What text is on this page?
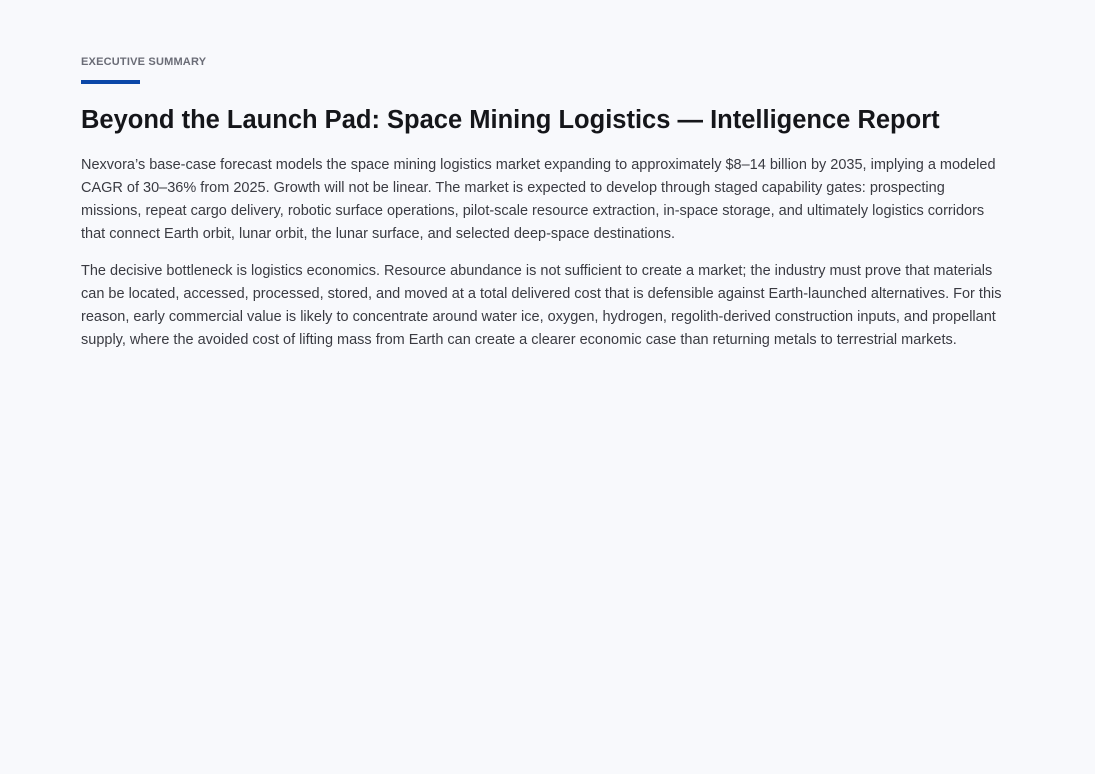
EXECUTIVE SUMMARY

Beyond the Launch Pad: Space Mining Logistics — Intelligence Report

Nexvora’s base-case forecast models the space mining logistics market expanding to approximately $8–14 billion by 2035, implying a modeled CAGR of 30–36% from 2025. Growth will not be linear. The market is expected to develop through staged capability gates: prospecting missions, repeat cargo delivery, robotic surface operations, pilot-scale resource extraction, in-space storage, and ultimately logistics corridors that connect Earth orbit, lunar orbit, the lunar surface, and selected deep-space destinations.

The decisive bottleneck is logistics economics. Resource abundance is not sufficient to create a market; the industry must prove that materials can be located, accessed, processed, stored, and moved at a total delivered cost that is defensible against Earth-launched alternatives. For this reason, early commercial value is likely to concentrate around water ice, oxygen, hydrogen, regolith-derived construction inputs, and propellant supply, where the avoided cost of lifting mass from Earth can create a clearer economic case than returning metals to terrestrial markets.
